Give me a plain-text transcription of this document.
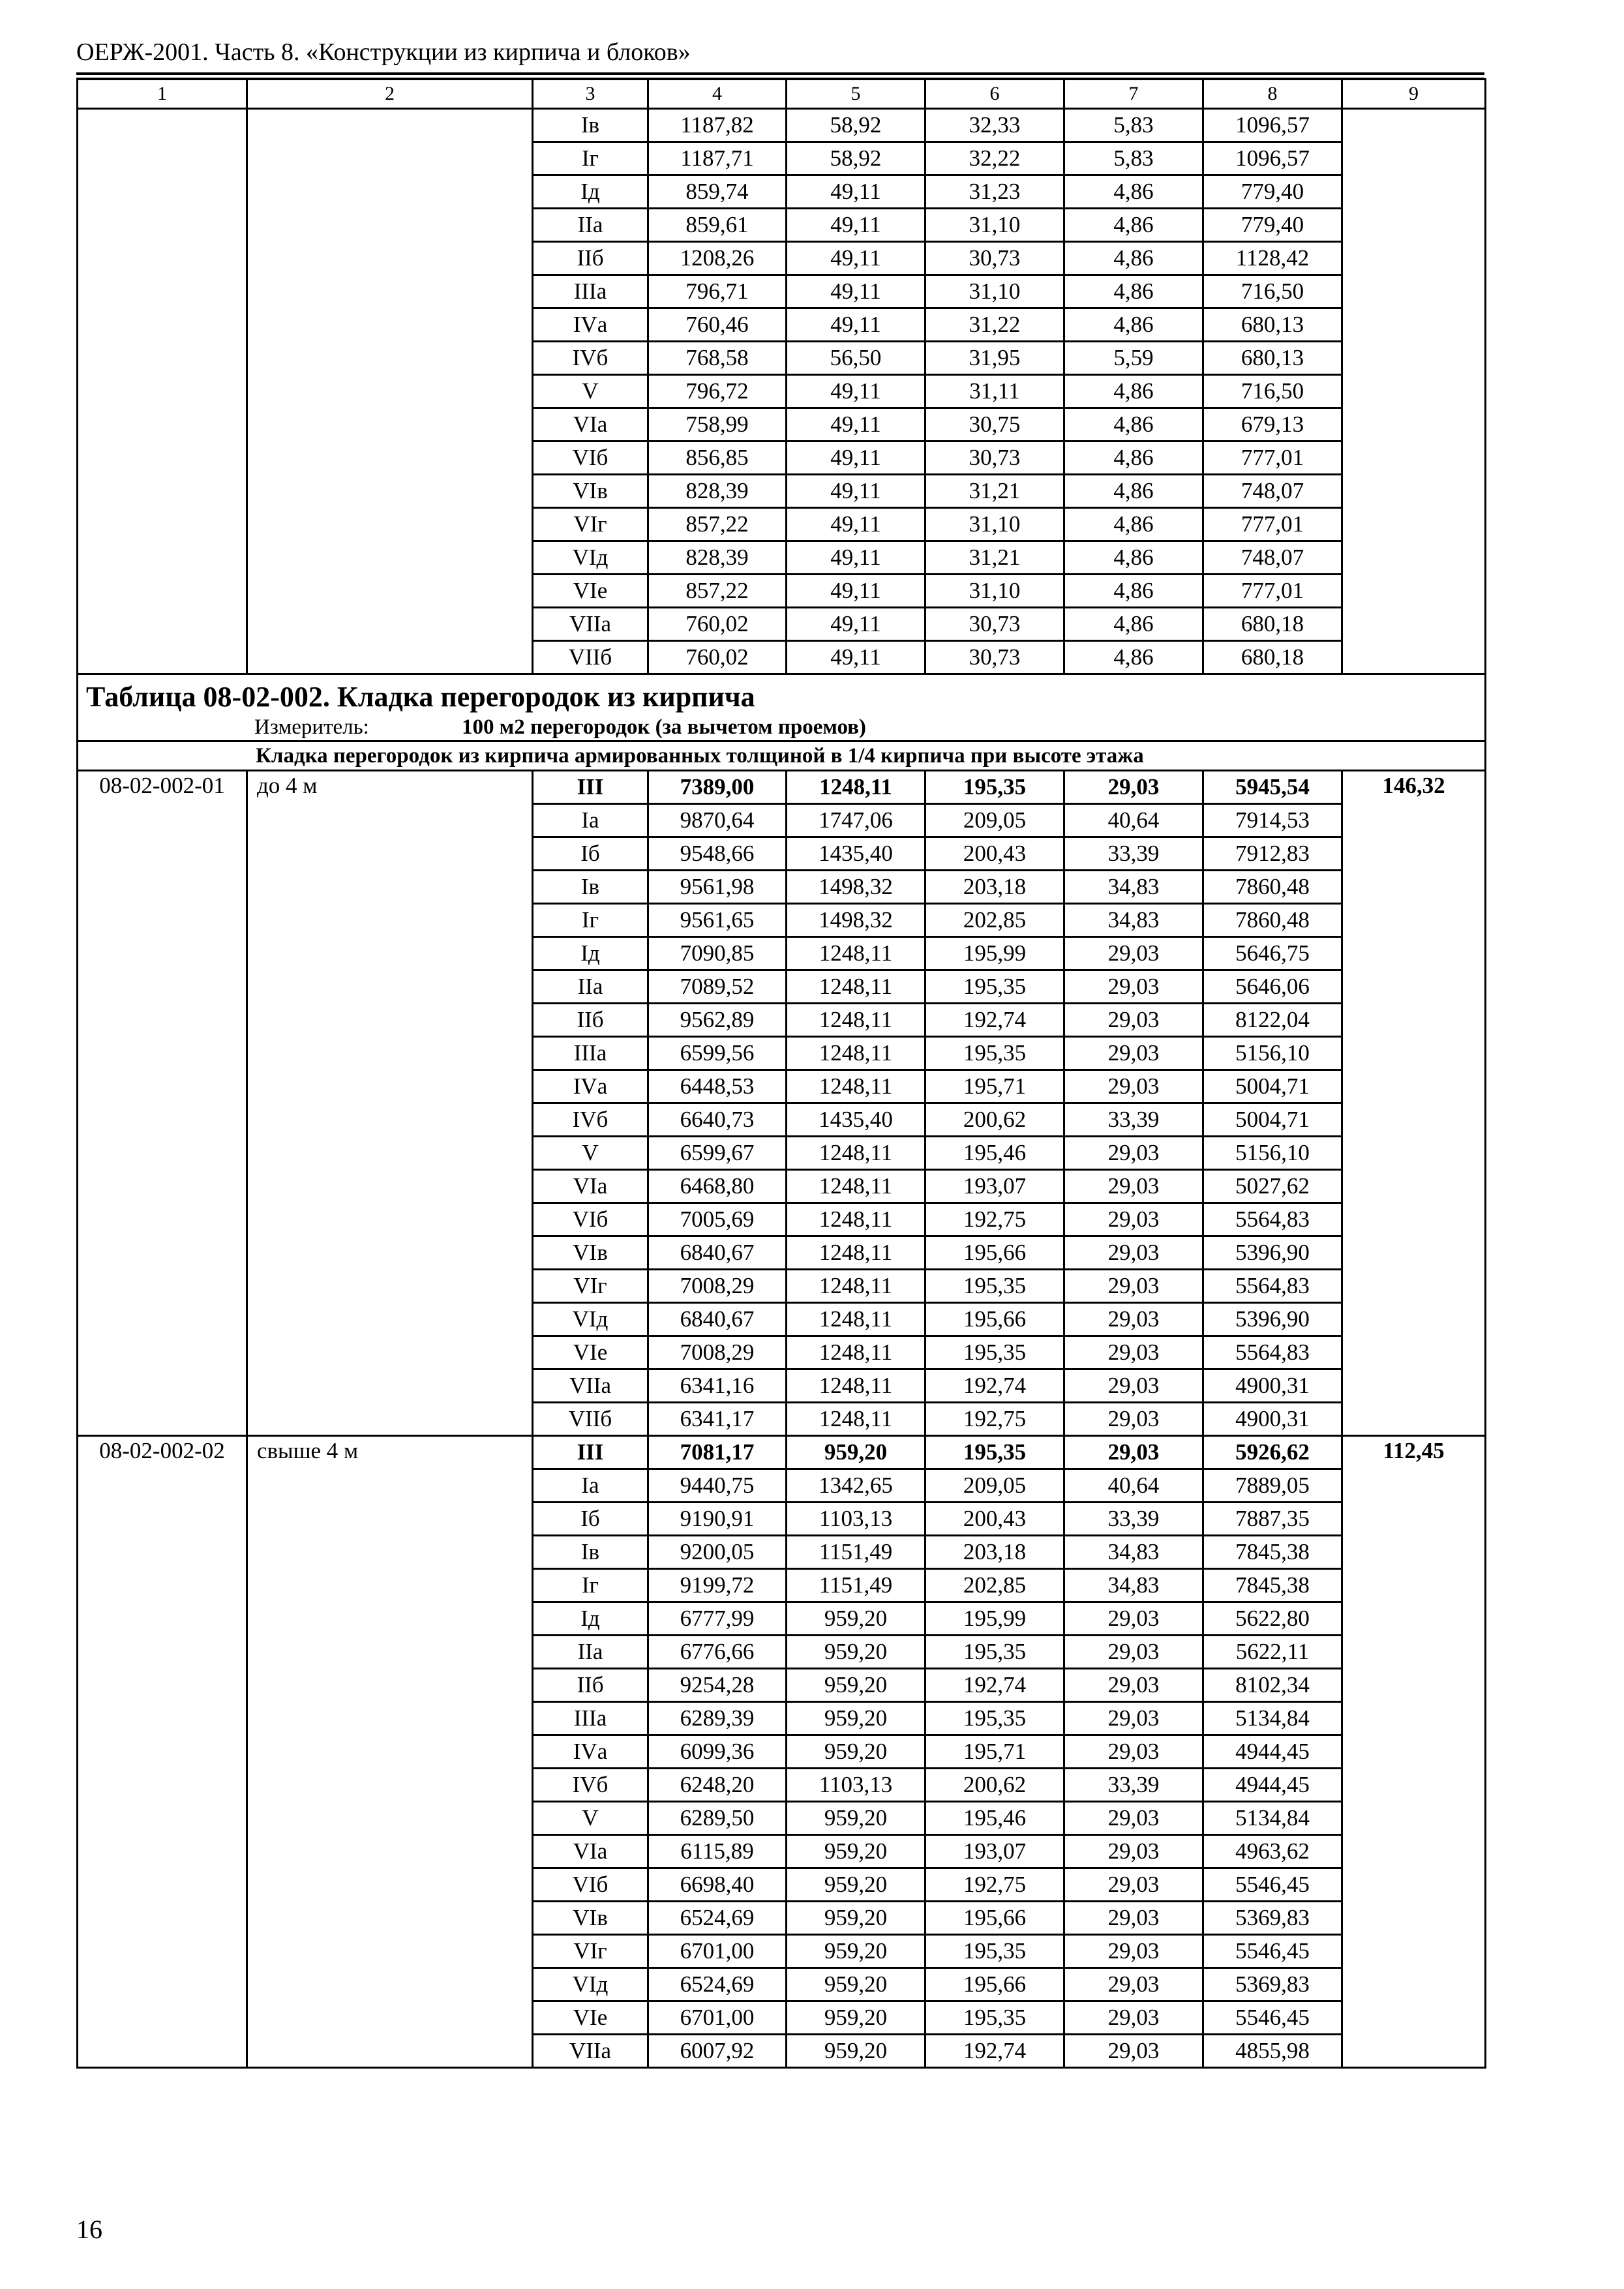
ОЕРЖ-2001. Часть 8. «Конструкции из кирпича и блоков»
1	2	3	4	5	6	7	8	9
		Iв	1187,82	58,92	32,33	5,83	1096,57	
		Iг	1187,71	58,92	32,22	5,83	1096,57	
		Iд	859,74	49,11	31,23	4,86	779,40	
		IIа	859,61	49,11	31,10	4,86	779,40	
		IIб	1208,26	49,11	30,73	4,86	1128,42	
		IIIа	796,71	49,11	31,10	4,86	716,50	
		IVа	760,46	49,11	31,22	4,86	680,13	
		IVб	768,58	56,50	31,95	5,59	680,13	
		V	796,72	49,11	31,11	4,86	716,50	
		VIа	758,99	49,11	30,75	4,86	679,13	
		VIб	856,85	49,11	30,73	4,86	777,01	
		VIв	828,39	49,11	31,21	4,86	748,07	
		VIг	857,22	49,11	31,10	4,86	777,01	
		VIд	828,39	49,11	31,21	4,86	748,07	
		VIе	857,22	49,11	31,10	4,86	777,01	
		VIIа	760,02	49,11	30,73	4,86	680,18	
		VIIб	760,02	49,11	30,73	4,86	680,18	
Таблица 08-02-002. Кладка перегородок из кирпича
Измеритель: 100 м2 перегородок (за вычетом проемов)								

Кладка перегородок из кирпича армированных толщиной в 1/4 кирпича при высоте этажа								
08-02-002-01	до 4 м	III	7389,00	1248,11	195,35	29,03	5945,54	146,32
		Iа	9870,64	1747,06	209,05	40,64	7914,53	
		Iб	9548,66	1435,40	200,43	33,39	7912,83	
		Iв	9561,98	1498,32	203,18	34,83	7860,48	
		Iг	9561,65	1498,32	202,85	34,83	7860,48	
		Iд	7090,85	1248,11	195,99	29,03	5646,75	
		IIа	7089,52	1248,11	195,35	29,03	5646,06	
		IIб	9562,89	1248,11	192,74	29,03	8122,04	
		IIIа	6599,56	1248,11	195,35	29,03	5156,10	
		IVа	6448,53	1248,11	195,71	29,03	5004,71	
		IVб	6640,73	1435,40	200,62	33,39	5004,71	
		V	6599,67	1248,11	195,46	29,03	5156,10	
		VIа	6468,80	1248,11	193,07	29,03	5027,62	
		VIб	7005,69	1248,11	192,75	29,03	5564,83	
		VIв	6840,67	1248,11	195,66	29,03	5396,90	
		VIг	7008,29	1248,11	195,35	29,03	5564,83	
		VIд	6840,67	1248,11	195,66	29,03	5396,90	
		VIе	7008,29	1248,11	195,35	29,03	5564,83	
		VIIа	6341,16	1248,11	192,74	29,03	4900,31	
		VIIб	6341,17	1248,11	192,75	29,03	4900,31	
08-02-002-02	свыше 4 м	III	7081,17	959,20	195,35	29,03	5926,62	112,45
		Iа	9440,75	1342,65	209,05	40,64	7889,05	
		Iб	9190,91	1103,13	200,43	33,39	7887,35	
		Iв	9200,05	1151,49	203,18	34,83	7845,38	
		Iг	9199,72	1151,49	202,85	34,83	7845,38	
		Iд	6777,99	959,20	195,99	29,03	5622,80	
		IIа	6776,66	959,20	195,35	29,03	5622,11	
		IIб	9254,28	959,20	192,74	29,03	8102,34	
		IIIа	6289,39	959,20	195,35	29,03	5134,84	
		IVа	6099,36	959,20	195,71	29,03	4944,45	
		IVб	6248,20	1103,13	200,62	33,39	4944,45	
		V	6289,50	959,20	195,46	29,03	5134,84	
		VIа	6115,89	959,20	193,07	29,03	4963,62	
		VIб	6698,40	959,20	192,75	29,03	5546,45	
		VIв	6524,69	959,20	195,66	29,03	5369,83	
		VIг	6701,00	959,20	195,35	29,03	5546,45	
		VIд	6524,69	959,20	195,66	29,03	5369,83	
		VIе	6701,00	959,20	195,35	29,03	5546,45	
		VIIа	6007,92	959,20	192,74	29,03	4855,98	
16
